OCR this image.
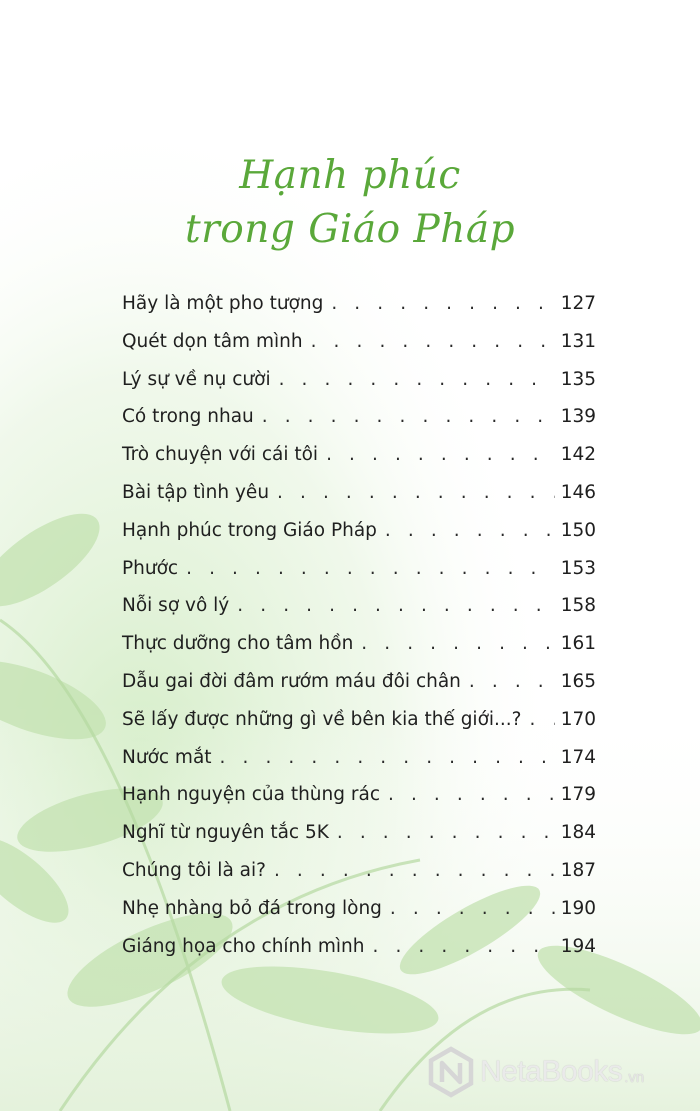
Hạnh phúc
trong Giáo Pháp
Hãy là một pho tượng . . .	127
Quét dọn tâm mình . . .	131
Lý sự về nụ cười . . .	135
Có trong nhau . . .	139
Trò chuyện với cái tôi . . .	142
Bài tập tình yêu . . .	146
Hạnh phúc trong Giáo Pháp . . .	150
Phước . . .	153
Nỗi sợ vô lý . . .	158
Thực dưỡng cho tâm hồn . . .	161
Dẫu gai đời đâm rướm máu đôi chân . . .	165
Sẽ lấy được những gì về bên kia thế giới...? . . . 170
Nước mắt . . .	174
Hạnh nguyện của thùng rác . . .	179
Nghĩ từ nguyên tắc 5K . . .	184
Chúng tôi là ai? . . .	187
Nhẹ nhàng bỏ đá trong lòng . . .	190
Giáng họa cho chính mình . . .	194
NetaBooks .vn
